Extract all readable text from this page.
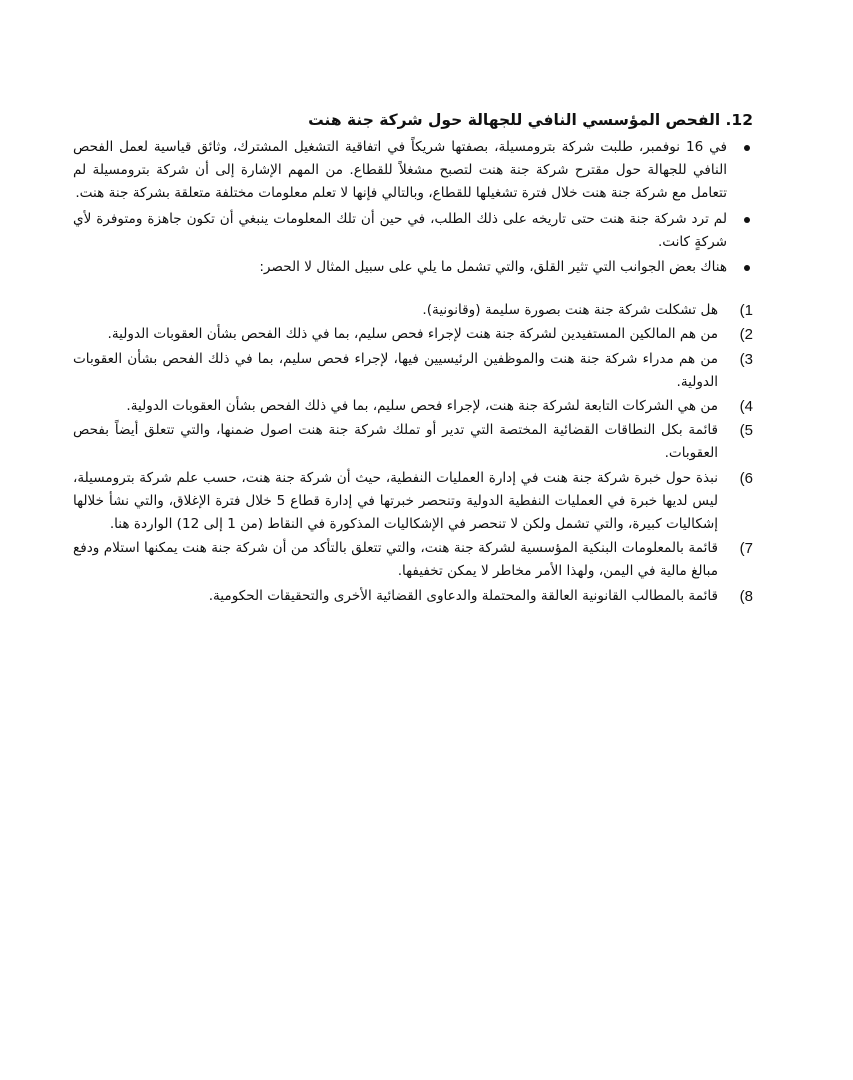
12. الفحص المؤسسي النافي للجهالة حول شركة جنة هنت
في 16 نوفمبر، طلبت شركة بترومسيلة، بصفتها شريكاً في اتفاقية التشغيل المشترك، وثائق قياسية لعمل الفحص النافي للجهالة حول مقترح شركة جنة هنت لتصبح مشغلاً للقطاع. من المهم الإشارة إلى أن شركة بترومسيلة لم تتعامل مع شركة جنة هنت خلال فترة تشغيلها للقطاع، وبالتالي فإنها لا تعلم معلومات مختلفة متعلقة بشركة جنة هنت.
لم ترد شركة جنة هنت حتى تاريخه على ذلك الطلب، في حين أن تلك المعلومات ينبغي أن تكون جاهزة ومتوفرة لأي شركةٍ كانت.
هناك بعض الجوانب التي تثير القلق، والتي تشمل ما يلي على سبيل المثال لا الحصر:
(1
هل تشكلت شركة جنة هنت بصورة سليمة (وقانونية).
(2
من هم المالكين المستفيدين لشركة جنة هنت لإجراء فحص سليم، بما في ذلك الفحص بشأن العقوبات الدولية.
(3
من هم مدراء شركة جنة هنت والموظفين الرئيسيين فيها، لإجراء فحص سليم، بما في ذلك الفحص بشأن العقوبات الدولية.
(4
من هي الشركات التابعة لشركة جنة هنت، لإجراء فحص سليم، بما في ذلك الفحص بشأن العقوبات الدولية.
(5
قائمة بكل النطاقات القضائية المختصة التي تدير أو تملك شركة جنة هنت اصول ضمنها، والتي تتعلق أيضاً بفحص العقوبات.
(6
نبذة حول خبرة شركة جنة هنت في إدارة العمليات النفطية، حيث أن شركة جنة هنت، حسب علم شركة بترومسيلة، ليس لديها خبرة في العمليات النفطية الدولية وتنحصر خبرتها في إدارة قطاع 5 خلال فترة الإغلاق، والتي نشأ خلالها إشكاليات كبيرة، والتي تشمل ولكن لا تنحصر في الإشكاليات المذكورة في النقاط (من 1 إلى 12) الواردة هنا.
(7
قائمة بالمعلومات البنكية المؤسسية لشركة جنة هنت، والتي تتعلق بالتأكد من أن شركة جنة هنت يمكنها استلام ودفع مبالغ مالية في اليمن، ولهذا الأمر مخاطر لا يمكن تخفيفها.
(8
قائمة بالمطالب القانونية العالقة والمحتملة والدعاوى القضائية الأخرى والتحقيقات الحكومية.
